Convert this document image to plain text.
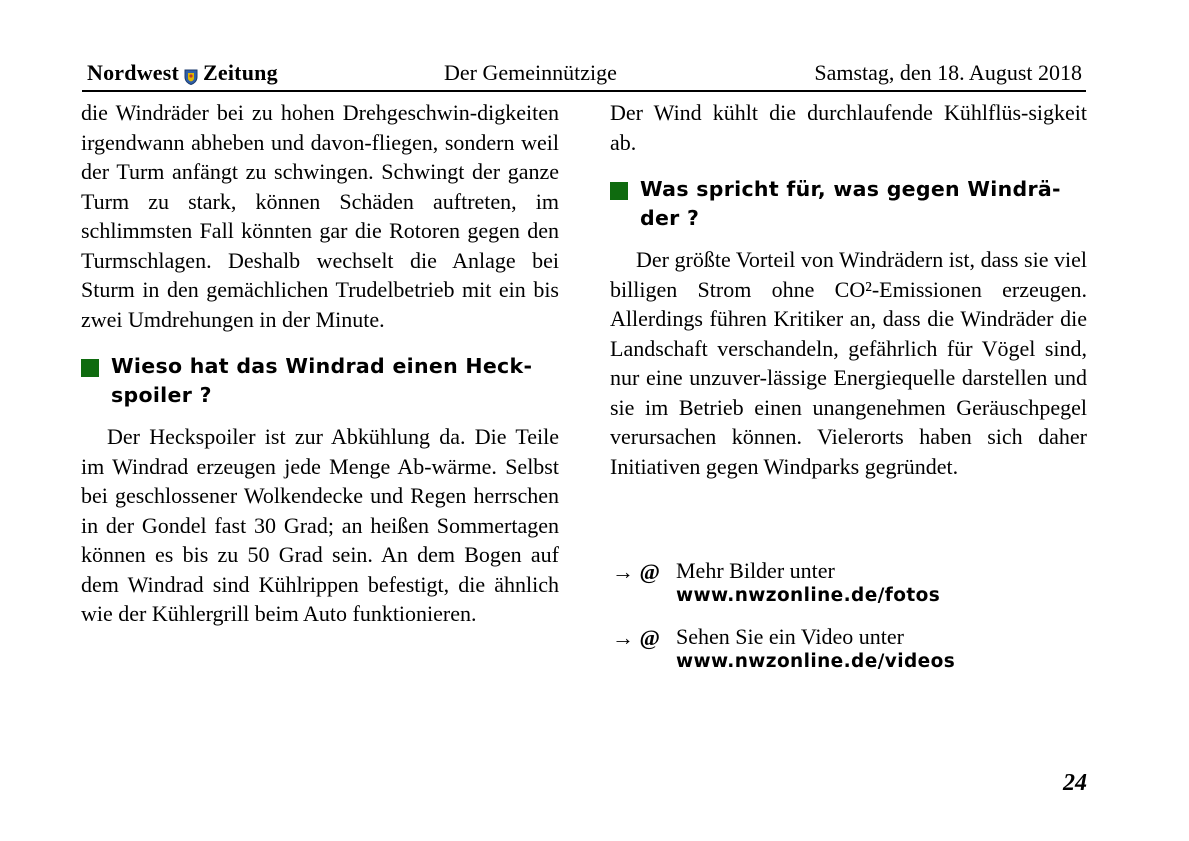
Nordwest Zeitung	Der Gemeinnützige	Samstag, den 18. August 2018

die Windräder bei zu hohen Drehgeschwin-digkeiten irgendwann abheben und davon-fliegen, sondern weil der Turm anfängt zu schwingen. Schwingt der ganze Turm zu stark, können Schäden auftreten, im schlimmsten Fall könnten gar die Rotoren gegen den Turmschlagen. Deshalb wechselt die Anlage bei Sturm in den gemächlichen Trudelbetrieb mit ein bis zwei Umdrehungen in der Minute.

Wieso hat das Windrad einen Heck-spoiler ?

Der Heckspoiler ist zur Abkühlung da. Die Teile im Windrad erzeugen jede Menge Ab-wärme. Selbst bei geschlossener Wolkendecke und Regen herrschen in der Gondel fast 30 Grad; an heißen Sommertagen können es bis zu 50 Grad sein. An dem Bogen auf dem Windrad sind Kühlrippen befestigt, die ähnlich wie der Kühlergrill beim Auto funktionieren.

Der Wind kühlt die durchlaufende Kühlflüs-sigkeit ab.

Was spricht für, was gegen Windrä-der ?

Der größte Vorteil von Windrädern ist, dass sie viel billigen Strom ohne CO²-Emissionen erzeugen. Allerdings führen Kritiker an, dass die Windräder die Landschaft verschandeln, gefährlich für Vögel sind, nur eine unzuver-lässige Energiequelle darstellen und sie im Betrieb einen unangenehmen Geräuschpegel verursachen können. Vielerorts haben sich daher Initiativen gegen Windparks gegründet.

→ @ Mehr Bilder unter
www.nwzonline.de/fotos
→ @ Sehen Sie ein Video unter
www.nwzonline.de/videos
24
